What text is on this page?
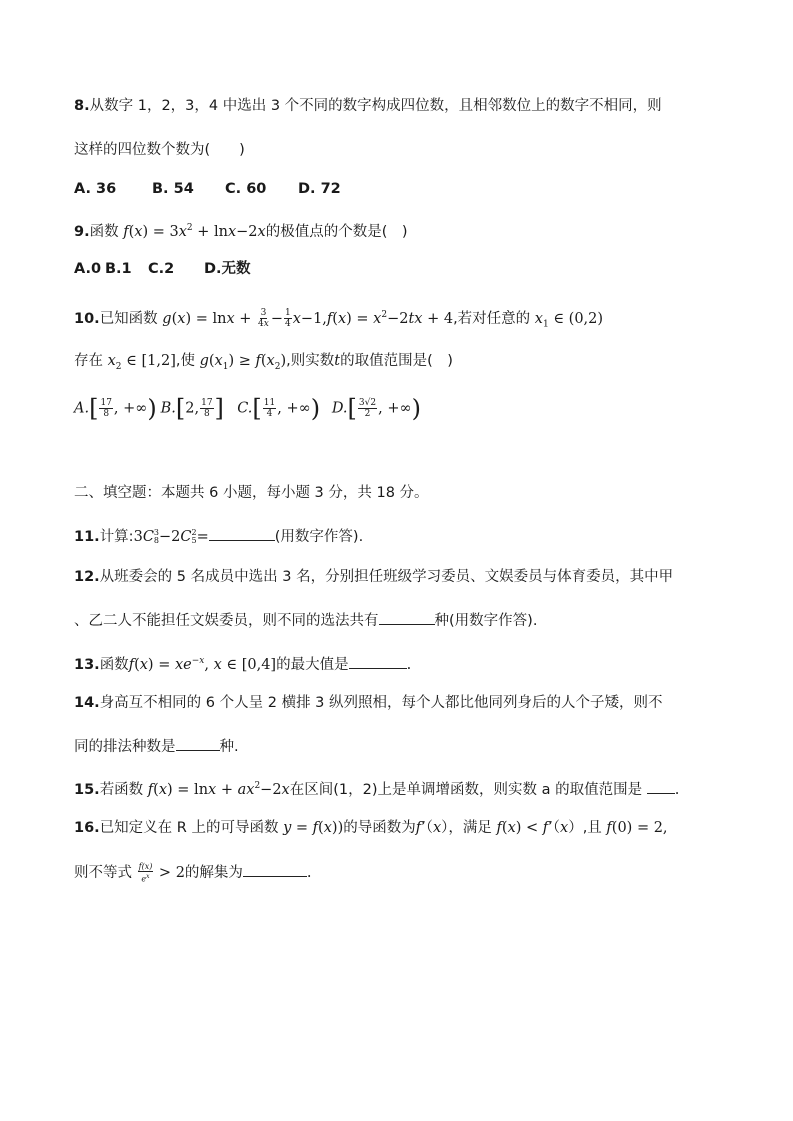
8.从数字 1，2，3，4 中选出 3 个不同的数字构成四位数，且相邻数位上的数字不相同，则
这样的四位数个数为(　　)
A. 36 B. 54 C. 60 D. 72
9.函数 $f(x) = 3x^2 + \ln x-2x$的极值点的个数是(　)
A.0 B.1 C.2 D.无数
10.已知函数 $g(x) = \ln x + \frac{3}{4x} - \frac{1}{4} x-1,f(x) = x^2-2tx + 4$,若对任意的 $x_1$ ∈ (0,2)
存在 $x_2$ ∈ [1,2],使 $g(x_1) \ge f(x_2)$,则实数t的取值范围是(　)
$A.[ \frac{17}{8}$ , +∞) B.[2, $\frac{17}{8}$ ] $C.[ \frac{11}{4}$ , +∞) $D.[ \frac{3√2}{2}$ , +∞)
二、填空题：本题共 6 小题，每小题 3 分，共 18 分。
11.计算:3C 3
8 −2C 2
5 =	(用数字作答).
12.从班委会的 5 名成员中选出 3 名，分别担任班级学习委员、文娱委员与体育委员，其中甲
、乙二人不能担任文娱委员，则不同的选法共有	种(用数字作答).
13.函数$f(x) = xe^{-x}$, x ∈ [0,4]的最大值是	.
14.身高互不相同的 6 个人呈 2 横排 3 纵列照相，每个人都比他同列身后的人个子矮，则不
同的排法种数是	种.
15.若函数 $f(x) = \ln x + ax^2-2x$在区间(1，2)上是单调增函数，则实数 a 的取值范围是 .
16.已知定义在 R 上的可导函数 y = f(x))的导函数为f’（x），满足 f(x) < f’（x）,且 f(0) = 2,
则不等式 $\frac{f(x)}{e^x} > 2$的解集为	.
